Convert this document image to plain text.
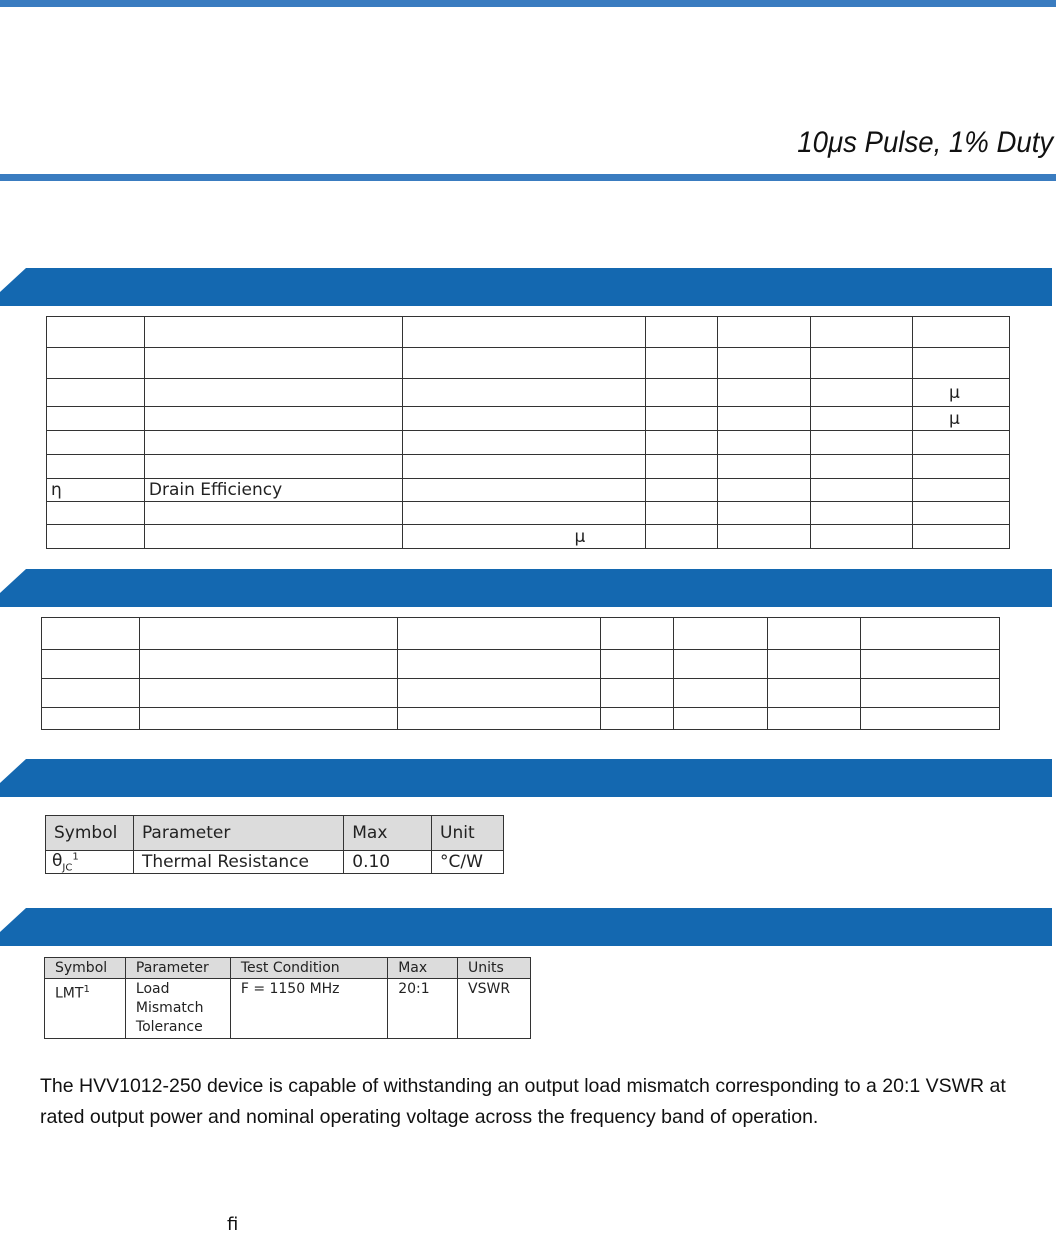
10μs Pulse, 1% Duty

						μ
						μ

η	Drain Efficiency					

		μ				

Symbol	Parameter	Max	Unit
$\theta_{JC}^1$	Thermal Resistance	0.10	°C/W
Symbol	Parameter	Test Condition	Max	Units
LMT$^1$	Load
Mismatch
Tolerance	F = 1150 MHz	20:1	VSWR
The HVV1012-250 device is capable of withstanding an output load mismatch corresponding to a 20:1 VSWR at rated output power and nominal operating voltage across the frequency band of operation.
fi
